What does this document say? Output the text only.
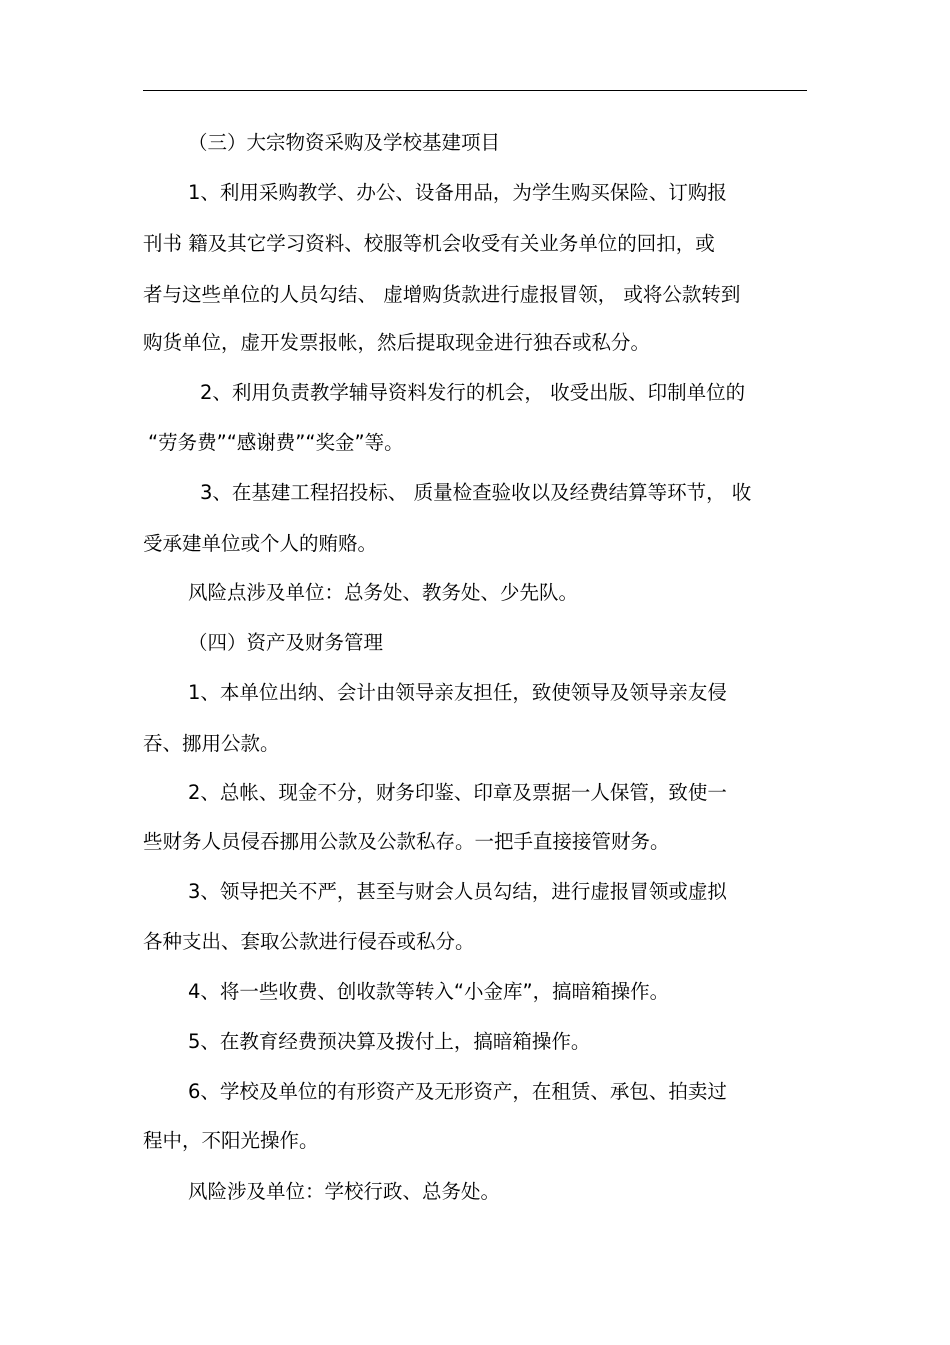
（三）大宗物资采购及学校基建项目
1、利用采购教学、办公、设备用品，为学生购买保险、订购报
刊书 籍及其它学习资料、校服等机会收受有关业务单位的回扣，或
者与这些单位的人员勾结、 虚增购货款进行虚报冒领， 或将公款转到
购货单位，虚开发票报帐，然后提取现金进行独吞或私分。
2、利用负责教学辅导资料发行的机会， 收受出版、印制单位的
“劳务费”“感谢费”“奖金”等。
3、在基建工程招投标、 质量检查验收以及经费结算等环节， 收
受承建单位或个人的贿赂。
风险点涉及单位：总务处、教务处、少先队。
（四）资产及财务管理
1、本单位出纳、会计由领导亲友担任，致使领导及领导亲友侵
吞、挪用公款。
2、总帐、现金不分，财务印鉴、印章及票据一人保管，致使一
些财务人员侵吞挪用公款及公款私存。一把手直接接管财务。
3、领导把关不严，甚至与财会人员勾结，进行虚报冒领或虚拟
各种支出、套取公款进行侵吞或私分。
4、将一些收费、创收款等转入“小金库”，搞暗箱操作。
5、在教育经费预决算及拨付上，搞暗箱操作。
6、学校及单位的有形资产及无形资产，在租赁、承包、拍卖过
程中，不阳光操作。
风险涉及单位：学校行政、总务处。
